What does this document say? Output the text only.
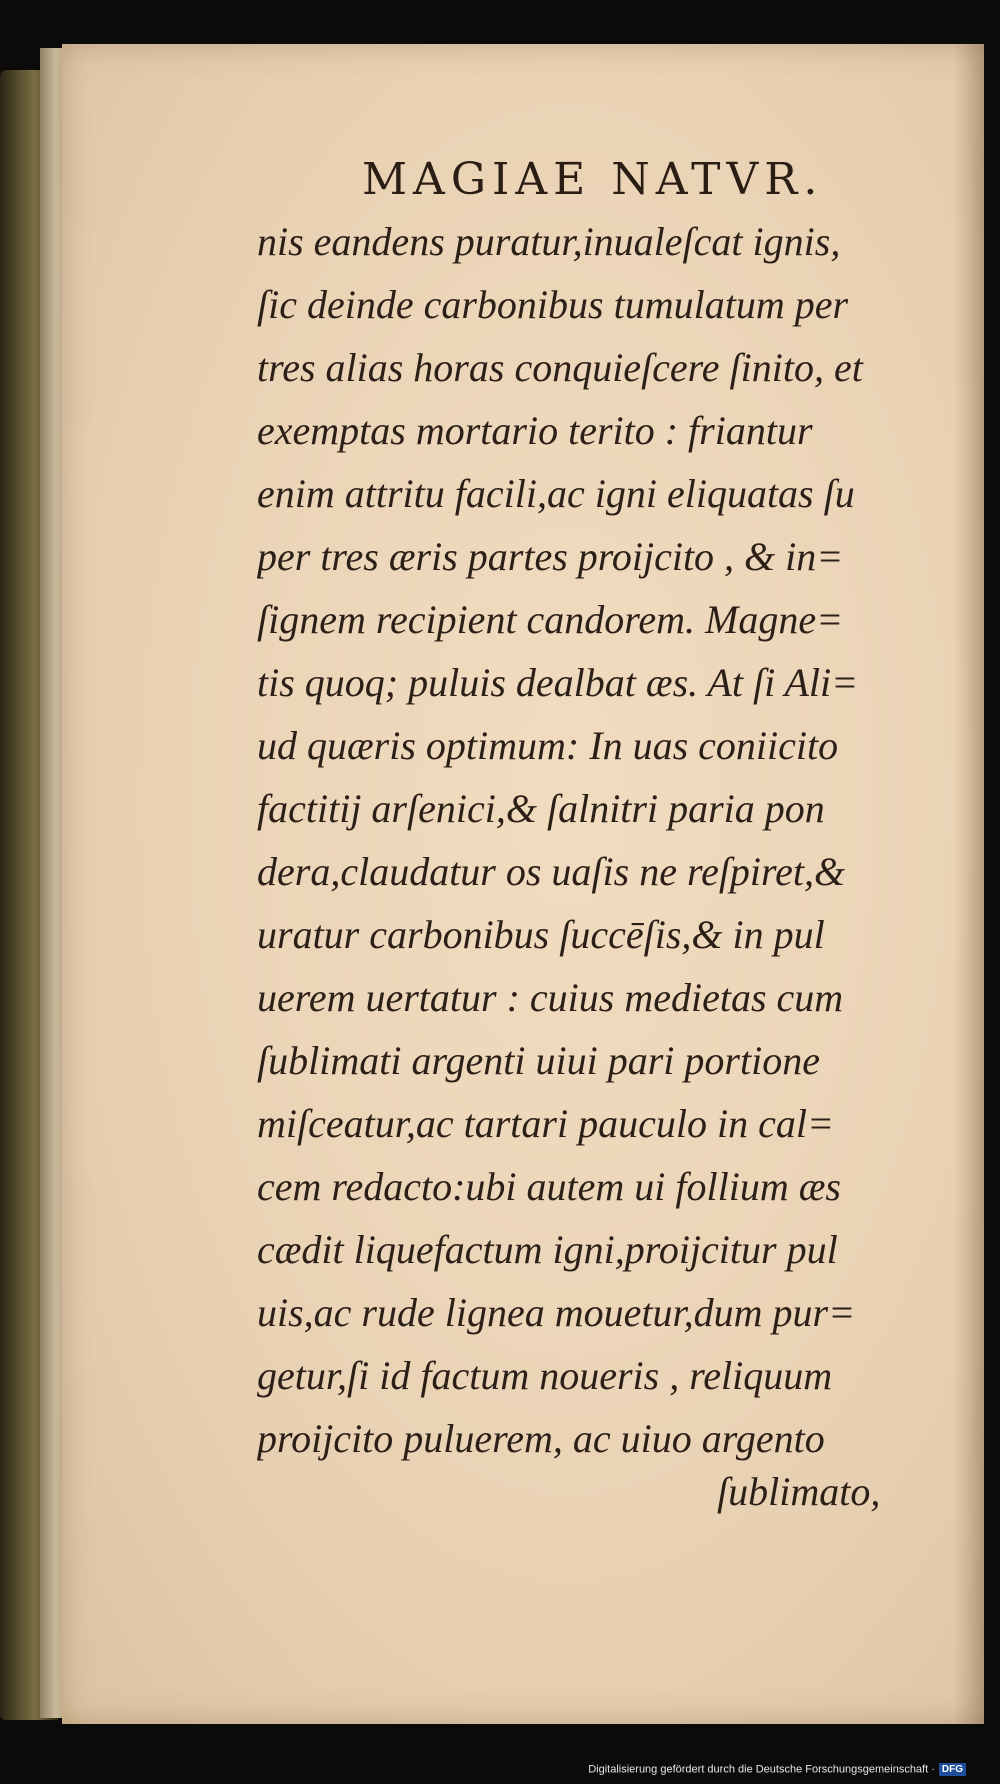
MAGIAE NATVR.
nis eandens puratur,inualeſcat ignis,
ſic deinde carbonibus tumulatum per
tres alias horas conquieſcere ſinito, et
exemptas mortario terito : friantur
enim attritu facili,ac igni eliquatas ſu
per tres æris partes proijcito , & in=
ſignem recipient candorem. Magne=
tis quoq; puluis dealbat æs. At ſi Ali=
ud quæris optimum: In uas coniicito
factitij arſenici,& ſalnitri paria pon
dera,claudatur os uaſis ne reſpiret,&
uratur carbonibus ſuccēſis,& in pul
uerem uertatur : cuius medietas cum
ſublimati argenti uiui pari portione
miſceatur,ac tartari pauculo in cal=
cem redacto:ubi autem ui follium æs
cædit liquefactum igni,proijcitur pul
uis,ac rude lignea mouetur,dum pur=
getur,ſi id factum noueris , reliquum
proijcito puluerem, ac uiuo argento
ſublimato,
Digitalisierung gefördert durch die Deutsche Forschungsgemeinschaft · DFG
